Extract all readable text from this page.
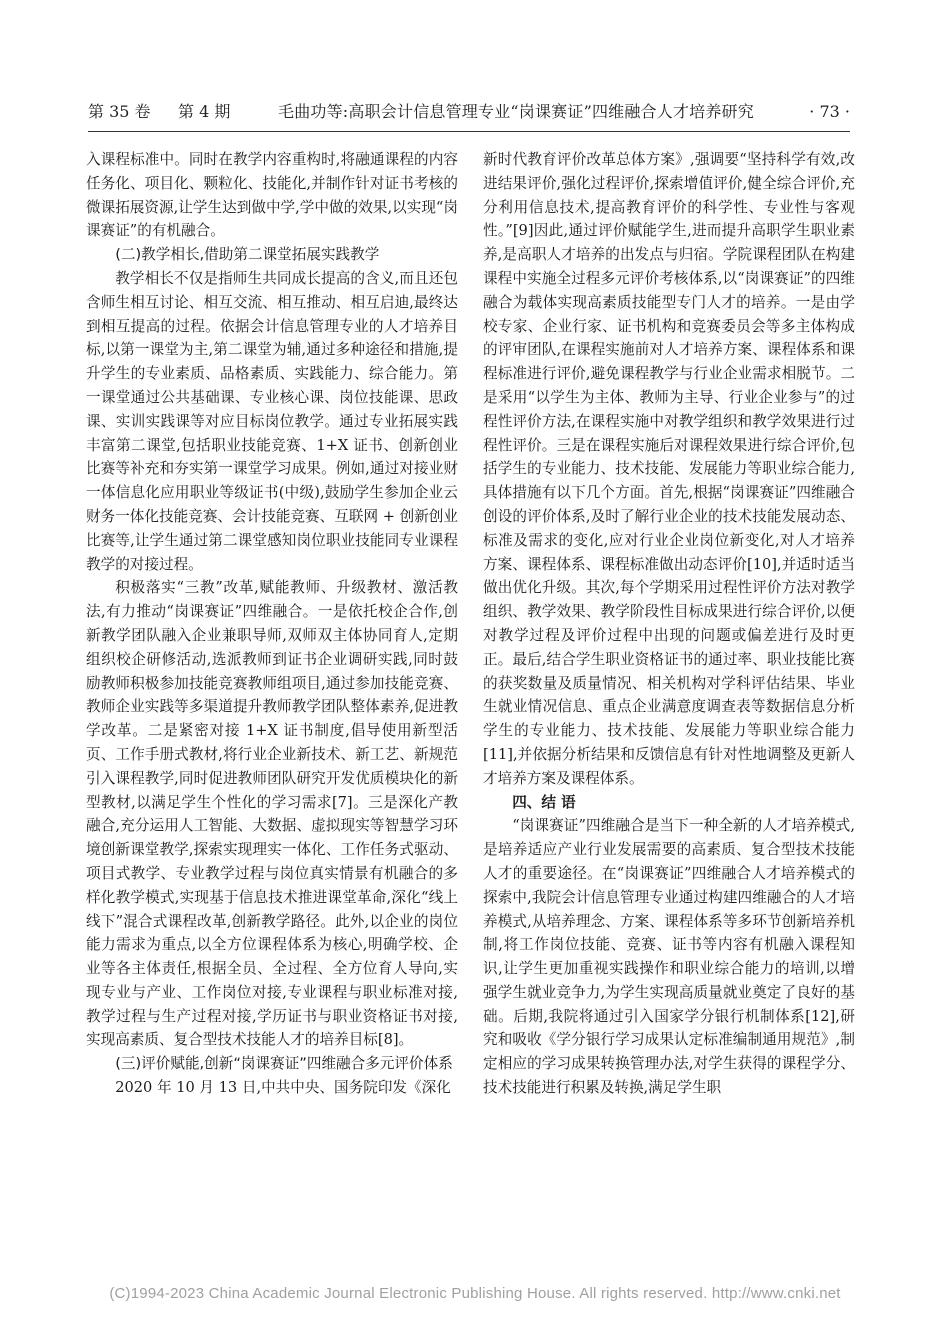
第 35 卷 第 4 期	毛曲功等:高职会计信息管理专业“岗课赛证”四维融合人才培养研究	· 73 ·

入课程标准中。同时在教学内容重构时,将融通课程的内容任务化、项目化、颗粒化、技能化,并制作针对证书考核的微课拓展资源,让学生达到做中学,学中做的效果,以实现“岗课赛证”的有机融合。

(二)教学相长,借助第二课堂拓展实践教学

教学相长不仅是指师生共同成长提高的含义,而且还包含师生相互讨论、相互交流、相互推动、相互启迪,最终达到相互提高的过程。依据会计信息管理专业的人才培养目标,以第一课堂为主,第二课堂为辅,通过多种途径和措施,提升学生的专业素质、品格素质、实践能力、综合能力。第一课堂通过公共基础课、专业核心课、岗位技能课、思政课、实训实践课等对应目标岗位教学。通过专业拓展实践丰富第二课堂,包括职业技能竞赛、1+X 证书、创新创业比赛等补充和夯实第一课堂学习成果。例如,通过对接业财一体信息化应用职业等级证书(中级),鼓励学生参加企业云财务一体化技能竞赛、会计技能竞赛、互联网 + 创新创业比赛等,让学生通过第二课堂感知岗位职业技能同专业课程教学的对接过程。

积极落实“三教”改革,赋能教师、升级教材、激活教法,有力推动“岗课赛证”四维融合。一是依托校企合作,创新教学团队融入企业兼职导师,双师双主体协同育人,定期组织校企研修活动,选派教师到证书企业调研实践,同时鼓励教师积极参加技能竞赛教师组项目,通过参加技能竞赛、教师企业实践等多渠道提升教师教学团队整体素养,促进教学改革。二是紧密对接 1+X 证书制度,倡导使用新型活页、工作手册式教材,将行业企业新技术、新工艺、新规范引入课程教学,同时促进教师团队研究开发优质模块化的新型教材,以满足学生个性化的学习需求[7]。三是深化产教融合,充分运用人工智能、大数据、虚拟现实等智慧学习环境创新课堂教学,探索实现理实一体化、工作任务式驱动、项目式教学、专业教学过程与岗位真实情景有机融合的多样化教学模式,实现基于信息技术推进课堂革命,深化“线上线下”混合式课程改革,创新教学路径。此外,以企业的岗位能力需求为重点,以全方位课程体系为核心,明确学校、企业等各主体责任,根据全员、全过程、全方位育人导向,实现专业与产业、工作岗位对接,专业课程与职业标准对接,教学过程与生产过程对接,学历证书与职业资格证书对接,实现高素质、复合型技术技能人才的培养目标[8]。

(三)评价赋能,创新“岗课赛证”四维融合多元评价体系

2020 年 10 月 13 日,中共中央、国务院印发《深化

新时代教育评价改革总体方案》,强调要“坚持科学有效,改进结果评价,强化过程评价,探索增值评价,健全综合评价,充分利用信息技术,提高教育评价的科学性、专业性与客观性。”[9]因此,通过评价赋能学生,进而提升高职学生职业素养,是高职人才培养的出发点与归宿。学院课程团队在构建课程中实施全过程多元评价考核体系,以“岗课赛证”的四维融合为载体实现高素质技能型专门人才的培养。一是由学校专家、企业行家、证书机构和竞赛委员会等多主体构成的评审团队,在课程实施前对人才培养方案、课程体系和课程标准进行评价,避免课程教学与行业企业需求相脱节。二是采用“以学生为主体、教师为主导、行业企业参与”的过程性评价方法,在课程实施中对教学组织和教学效果进行过程性评价。三是在课程实施后对课程效果进行综合评价,包括学生的专业能力、技术技能、发展能力等职业综合能力,具体措施有以下几个方面。首先,根据“岗课赛证”四维融合创设的评价体系,及时了解行业企业的技术技能发展动态、标准及需求的变化,应对行业企业岗位新变化,对人才培养方案、课程体系、课程标准做出动态评价[10],并适时适当做出优化升级。其次,每个学期采用过程性评价方法对教学组织、教学效果、教学阶段性目标成果进行综合评价,以便对教学过程及评价过程中出现的问题或偏差进行及时更正。最后,结合学生职业资格证书的通过率、职业技能比赛的获奖数量及质量情况、相关机构对学科评估结果、毕业生就业情况信息、重点企业满意度调查表等数据信息分析学生的专业能力、技术技能、发展能力等职业综合能力[11],并依据分析结果和反馈信息有针对性地调整及更新人才培养方案及课程体系。

四、结 语

“岗课赛证”四维融合是当下一种全新的人才培养模式,是培养适应产业行业发展需要的高素质、复合型技术技能人才的重要途径。在“岗课赛证”四维融合人才培养模式的探索中,我院会计信息管理专业通过构建四维融合的人才培养模式,从培养理念、方案、课程体系等多环节创新培养机制,将工作岗位技能、竞赛、证书等内容有机融入课程知识,让学生更加重视实践操作和职业综合能力的培训,以增强学生就业竞争力,为学生实现高质量就业奠定了良好的基础。后期,我院将通过引入国家学分银行机制体系[12],研究和吸收《学分银行学习成果认定标准编制通用规范》,制定相应的学习成果转换管理办法,对学生获得的课程学分、技术技能进行积累及转换,满足学生职

(C)1994-2023 China Academic Journal Electronic Publishing House. All rights reserved. http://www.cnki.net
